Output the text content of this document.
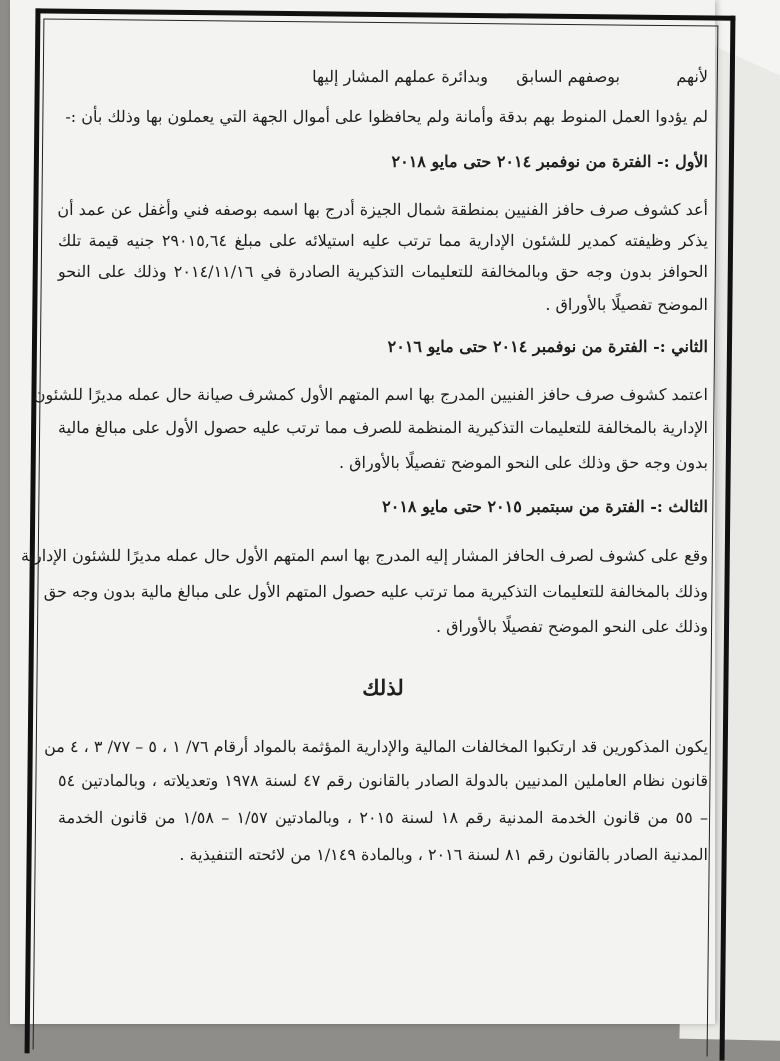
لأنهم
بوصفهم السابق
وبدائرة عملهم المشار إليها
لم يؤدوا العمل المنوط بهم بدقة وأمانة ولم يحافظوا على أموال الجهة التي يعملون بها وذلك بأن :-
الأول :- الفترة من نوفمبر ٢٠١٤ حتى مايو ٢٠١٨
أعد كشوف صرف حافز الفنيين بمنطقة شمال الجيزة أدرج بها اسمه بوصفه فني وأغفل عن عمد أن
يذكر وظيفته كمدير للشئون الإدارية مما ترتب عليه استيلائه على مبلغ ٢٩٠١٥,٦٤ جنيه قيمة تلك
الحوافز بدون وجه حق وبالمخالفة للتعليمات التذكيرية الصادرة في ٢٠١٤/١١/١٦ وذلك على النحو
الموضح تفصيلًا بالأوراق .
الثاني :- الفترة من نوفمبر ٢٠١٤ حتى مايو ٢٠١٦
اعتمد كشوف صرف حافز الفنيين المدرج بها اسم المتهم الأول كمشرف صيانة حال عمله مديرًا للشئون
الإدارية بالمخالفة للتعليمات التذكيرية المنظمة للصرف مما ترتب عليه حصول الأول على مبالغ مالية
بدون وجه حق وذلك على النحو الموضح تفصيلًا بالأوراق .
الثالث :- الفترة من سبتمبر ٢٠١٥ حتى مايو ٢٠١٨
وقع على كشوف لصرف الحافز المشار إليه المدرج بها اسم المتهم الأول حال عمله مديرًا للشئون الإدارية
وذلك بالمخالفة للتعليمات التذكيرية مما ترتب عليه حصول المتهم الأول على مبالغ مالية بدون وجه حق
وذلك على النحو الموضح تفصيلًا بالأوراق .
لذلك
يكون المذكورين قد ارتكبوا المخالفات المالية والإدارية المؤثمة بالمواد أرقام ٧٦/ ١ ، ٥ – ٧٧/ ٣ ، ٤ من
قانون نظام العاملين المدنيين بالدولة الصادر بالقانون رقم ٤٧ لسنة ١٩٧٨ وتعديلاته ، وبالمادتين ٥٤
– ٥٥ من قانون الخدمة المدنية رقم ١٨ لسنة ٢٠١٥ ، وبالمادتين ١/٥٧ – ١/٥٨ من قانون الخدمة
المدنية الصادر بالقانون رقم ٨١ لسنة ٢٠١٦ ، وبالمادة ١/١٤٩ من لائحته التنفيذية .
